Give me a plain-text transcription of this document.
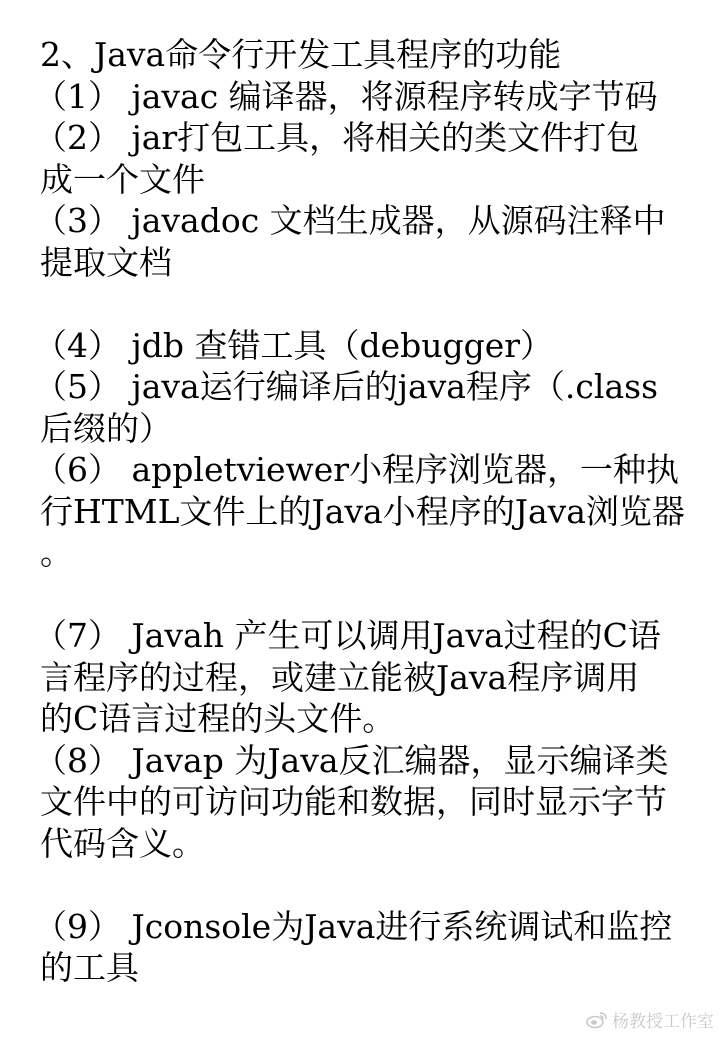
2、Java命令行开发工具程序的功能
（1） javac 编译器，将源程序转成字节码
（2） jar打包工具，将相关的类文件打包
成一个文件
（3） javadoc 文档生成器，从源码注释中
提取文档
（4） jdb 查错工具（debugger）
（5） java运行编译后的java程序（.class
后缀的）
（6） appletviewer小程序浏览器，一种执
行HTML文件上的Java小程序的Java浏览器
。
（7） Javah 产生可以调用Java过程的C语
言程序的过程，或建立能被Java程序调用
的C语言过程的头文件。
（8） Javap 为Java反汇编器，显示编译类
文件中的可访问功能和数据，同时显示字节
代码含义。
（9） Jconsole为Java进行系统调试和监控
的工具
杨教授工作室
